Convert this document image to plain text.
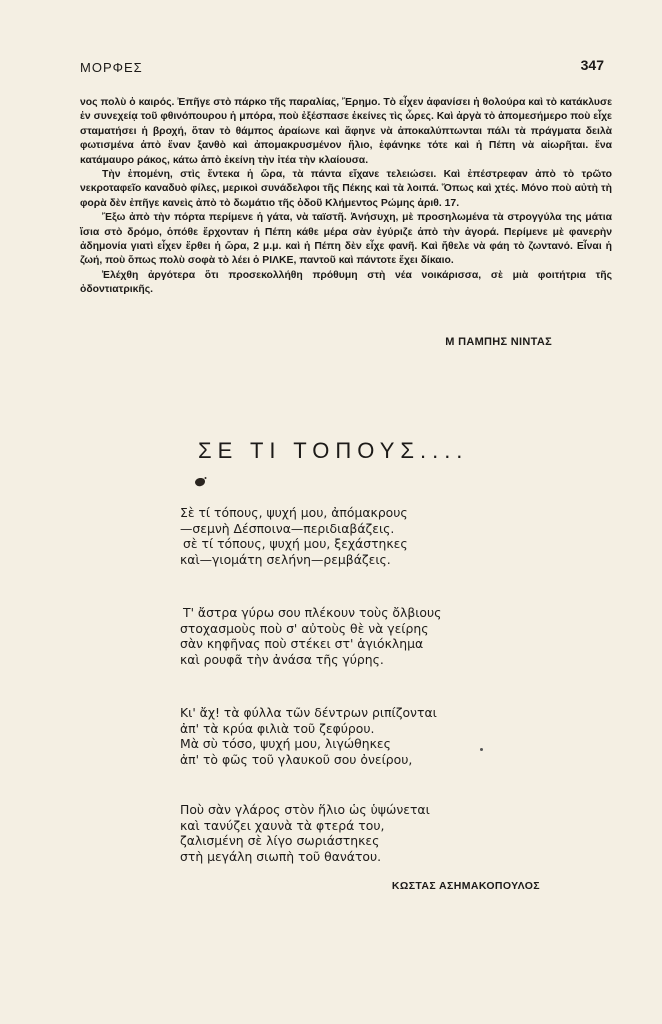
ΜΟΡΦΕΣ	347

νος πολὺ ὁ καιρός. Ἐπῆγε στὸ πάρκο τῆς παραλίας, Ἔρημο. Τὸ εἶχεν ἀφανίσει ἡ θολούρα καὶ τὸ κατάκλυσε ἐν συνεχείᾳ τοῦ φθινόπουρου ἡ μπόρα, ποὺ ἐξέσπασε ἐκείνες τὶς ὧρες. Καὶ ἀργὰ τὸ ἀπομεσήμερο ποὺ εἶχε σταματήσει ἡ βροχή, ὅταν τὸ θάμπος ἀραίωνε καὶ ἄφηνε νὰ ἀποκαλύπτωνται πάλι τὰ πράγματα δειλὰ φωτισμένα ἀπὸ ἕναν ξανθὸ καὶ ἀπομακρυσμένον ἥλιο, ἐφάνηκε τότε καὶ ἡ Πέπη νὰ αἰωρῆται. ἕνα κατάμαυρο ράκος, κάτω ἀπὸ ἐκείνη τὴν ἰτέα τὴν κλαίουσα.

Τὴν ἐπομένη, στὶς ἕντεκα ἡ ὥρα, τὰ πάντα εἴχανε τελειώσει. Καὶ ἐπέστρεφαν ἀπὸ τὸ τρῶτο νεκροταφεῖο καναδυὸ φίλες, μερικοὶ συνάδελφοι τῆς Πέκης καὶ τὰ λοιπά. Ὅπως καὶ χτές. Μόνο ποὺ αὐτὴ τὴ φορὰ δὲν ἐπῆγε κανεὶς ἀπὸ τὸ δωμάτιο τῆς ὁδοῦ Κλήμεντος Ρώμης ἀριθ. 17.

Ἔξω ἀπὸ τὴν πόρτα περίμενε ἡ γάτα, νὰ ταϊστῆ. Ἀνήσυχη, μὲ προσηλωμένα τὰ στρογγύλα της μάτια ἴσια στὸ δρόμο, ὁπόθε ἔρχονταν ἡ Πέπη κάθε μέρα σὰν ἐγύριζε ἀπὸ τὴν ἀγορά. Περίμενε μὲ φανερὴν ἀδημονία γιατὶ εἶχεν ἔρθει ἡ ὥρα, 2 μ.μ. καὶ ἡ Πέπη δὲν εἶχε φανῆ. Καὶ ἤθελε νὰ φάη τὸ ζωντανό. Εἶναι ἡ ζωή, ποὺ ὅπως πολὺ σοφὰ τὸ λέει ὁ ΡΙΛΚΕ, παντοῦ καὶ πάντοτε ἔχει δίκαιο.

Ἐλέχθη ἀργότερα ὅτι προσεκολλήθη πρόθυμη στὴ νέα νοικάρισσα, σὲ μιὰ φοιτήτρια τῆς ὀδοντιατρικῆς.

Μ ΠΑΜΠΗΣ ΝΙΝΤΑΣ
ΣΕ ΤΙ ΤΟΠΟΥΣ....
Σὲ τί τόπους, ψυχή μου, ἀπόμακρους
—σεμνὴ Δέσποινα—περιδιαβάζεις.
σὲ τί τόπους, ψυχή μου, ξεχάστηκες
καὶ—γιομάτη σελήνη—ρεμβάζεις.
Τ' ἄστρα γύρω σου πλέκουν τοὺς ὄλβιους
στοχασμοὺς ποὺ σ' αὐτοὺς θὲ νὰ γείρης
σὰν κηφῆνας ποὺ στέκει στ' ἁγιόκλημα
καὶ ρουφᾶ τὴν ἀνάσα τῆς γύρης.
Κι' ἄχ! τὰ φύλλα τῶν δέντρων ριπίζονται
ἀπ' τὰ κρύα φιλιὰ τοῦ ζεφύρου.
Μὰ σὺ τόσο, ψυχή μου, λιγώθηκες
ἀπ' τὸ φῶς τοῦ γλαυκοῦ σου ὀνείρου,
Ποὺ σὰν γλάρος στὸν ἥλιο ὡς ὑψώνεται
καὶ τανύζει χαυνὰ τὰ φτερά του,
ζαλισμένη σὲ λίγο σωριάστηκες
στὴ μεγάλη σιωπὴ τοῦ θανάτου.
ΚΩΣΤΑΣ ΑΣΗΜΑΚΟΠΟΥΛΟΣ
